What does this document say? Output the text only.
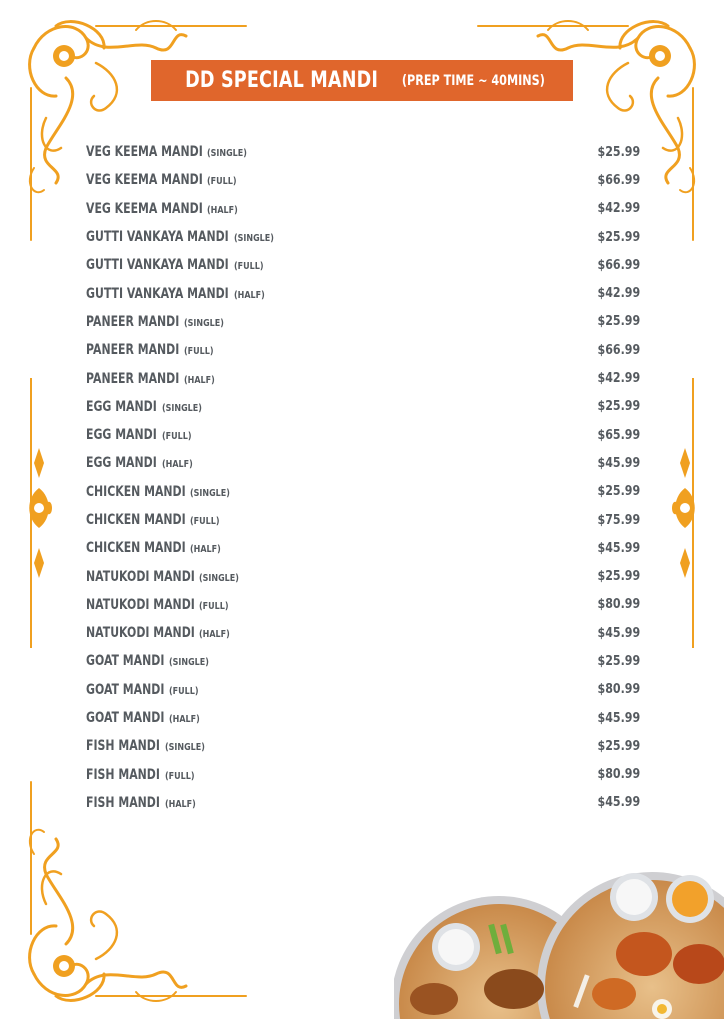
DD SPECIAL MANDI (PREP TIME ~ 40MINS)
VEG KEEMA MANDI (SINGLE)	$25.99
VEG KEEMA MANDI (FULL)	$66.99
VEG KEEMA MANDI (HALF)	$42.99
GUTTI VANKAYA MANDI (SINGLE)	$25.99
GUTTI VANKAYA MANDI (FULL)	$66.99
GUTTI VANKAYA MANDI (HALF)	$42.99
PANEER MANDI (SINGLE)	$25.99
PANEER MANDI (FULL)	$66.99
PANEER MANDI (HALF)	$42.99
EGG MANDI (SINGLE)	$25.99
EGG MANDI (FULL)	$65.99
EGG MANDI (HALF)	$45.99
CHICKEN MANDI (SINGLE)	$25.99
CHICKEN MANDI (FULL)	$75.99
CHICKEN MANDI (HALF)	$45.99
NATUKODI MANDI (SINGLE)	$25.99
NATUKODI MANDI (FULL)	$80.99
NATUKODI MANDI (HALF)	$45.99
GOAT MANDI (SINGLE)	$25.99
GOAT MANDI (FULL)	$80.99
GOAT MANDI (HALF)	$45.99
FISH MANDI (SINGLE)	$25.99
FISH MANDI (FULL)	$80.99
FISH MANDI (HALF)	$45.99
